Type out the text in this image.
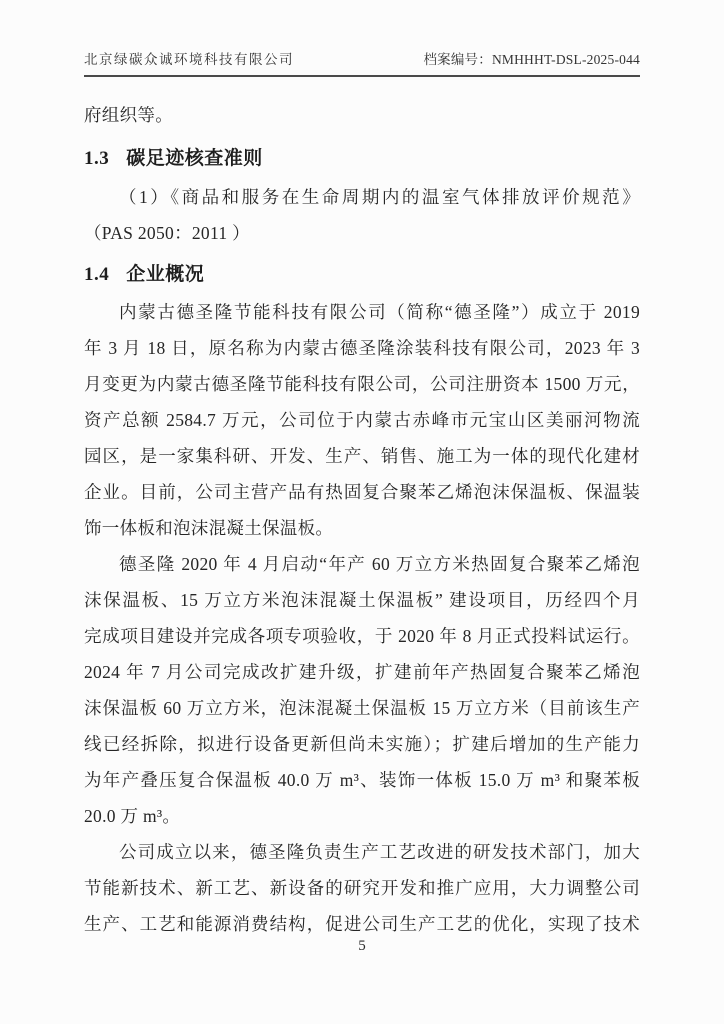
北京绿碳众诚环境科技有限公司	档案编号：NMHHHT-DSL-2025-044
府组织等。
1.3 碳足迹核查准则
（1）《商品和服务在生命周期内的温室气体排放评价规范》
（PAS 2050：2011 ）
1.4 企业概况
内蒙古德圣隆节能科技有限公司（简称“德圣隆”）成立于 2019
年 3 月 18 日，原名称为内蒙古德圣隆涂装科技有限公司，2023 年 3
月变更为内蒙古德圣隆节能科技有限公司，公司注册资本 1500 万元，
资产总额 2584.7 万元，公司位于内蒙古赤峰市元宝山区美丽河物流
园区，是一家集科研、开发、生产、销售、施工为一体的现代化建材
企业。目前，公司主营产品有热固复合聚苯乙烯泡沫保温板、保温装
饰一体板和泡沫混凝土保温板。
德圣隆 2020 年 4 月启动“年产 60 万立方米热固复合聚苯乙烯泡
沫保温板、15 万立方米泡沫混凝土保温板” 建设项目，历经四个月
完成项目建设并完成各项专项验收，于 2020 年 8 月正式投料试运行。
2024 年 7 月公司完成改扩建升级，扩建前年产热固复合聚苯乙烯泡
沫保温板 60 万立方米，泡沫混凝土保温板 15 万立方米（目前该生产
线已经拆除，拟进行设备更新但尚未实施）；扩建后增加的生产能力
为年产叠压复合保温板 40.0 万 m³、装饰一体板 15.0 万 m³ 和聚苯板
20.0 万 m³。
公司成立以来，德圣隆负责生产工艺改进的研发技术部门，加大
节能新技术、新工艺、新设备的研究开发和推广应用，大力调整公司
生产、工艺和能源消费结构，促进公司生产工艺的优化，实现了技术
5
